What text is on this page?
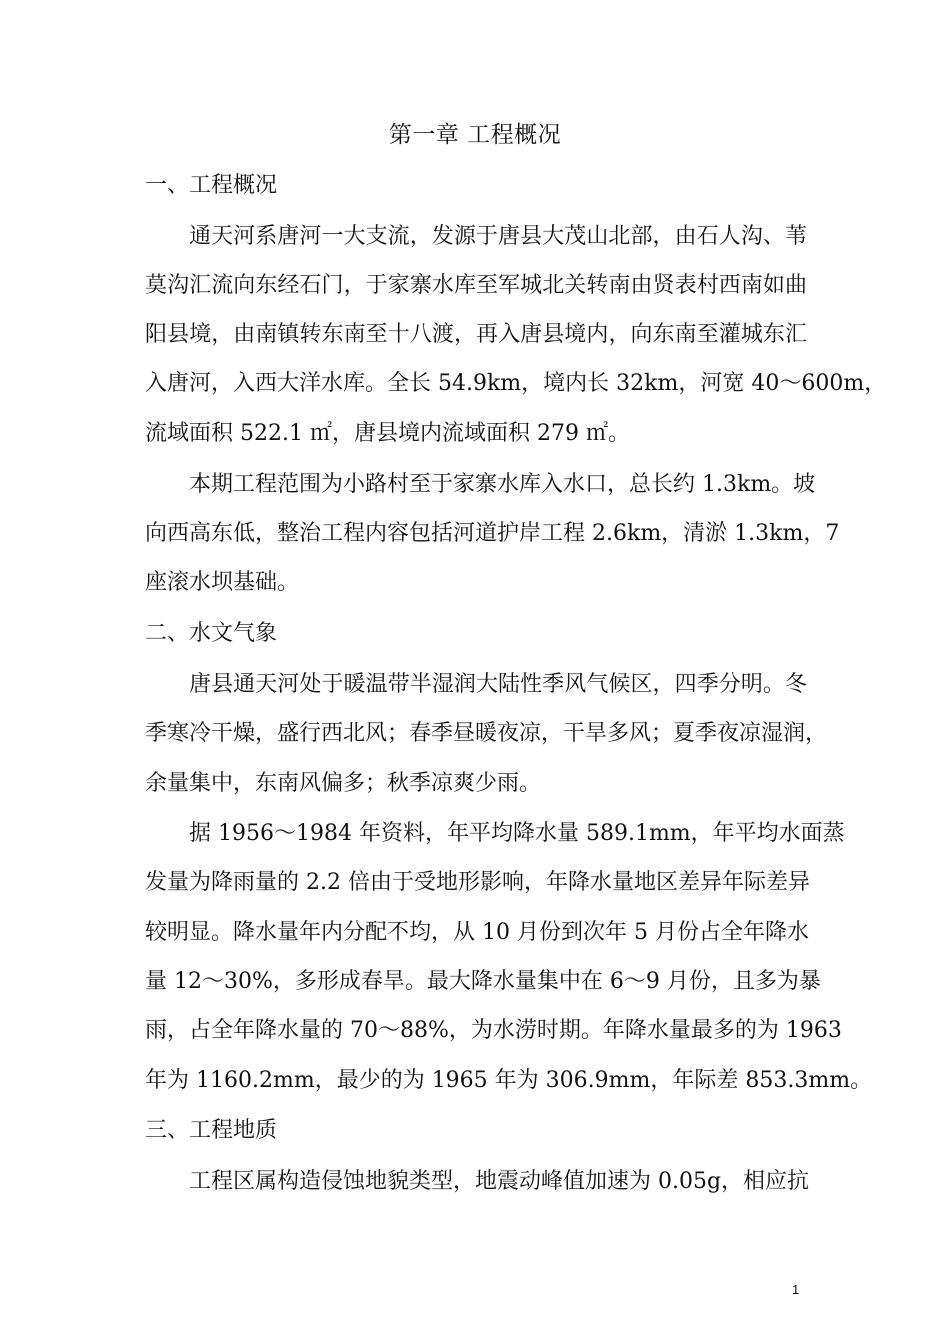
第一章 工程概况
一、工程概况
通天河系唐河一大支流，发源于唐县大茂山北部，由石人沟、苇
莫沟汇流向东经石门，于家寨水库至军城北关转南由贤表村西南如曲
阳县境，由南镇转东南至十八渡，再入唐县境内，向东南至灌城东汇
入唐河，入西大洋水库。全长 54.9km，境内长 32km，河宽 40～600m，
流域面积 522.1 ㎡，唐县境内流域面积 279 ㎡。
本期工程范围为小路村至于家寨水库入水口，总长约 1.3km。坡
向西高东低，整治工程内容包括河道护岸工程 2.6km，清淤 1.3km，7
座滚水坝基础。
二、水文气象
唐县通天河处于暖温带半湿润大陆性季风气候区，四季分明。冬
季寒冷干燥，盛行西北风；春季昼暖夜凉，干旱多风；夏季夜凉湿润，
余量集中，东南风偏多；秋季凉爽少雨。
据 1956～1984 年资料，年平均降水量 589.1mm，年平均水面蒸
发量为降雨量的 2.2 倍由于受地形影响，年降水量地区差异年际差异
较明显。降水量年内分配不均，从 10 月份到次年 5 月份占全年降水
量 12～30%，多形成春旱。最大降水量集中在 6～9 月份，且多为暴
雨，占全年降水量的 70～88%，为水涝时期。年降水量最多的为 1963
年为 1160.2mm，最少的为 1965 年为 306.9mm，年际差 853.3mm。
三、工程地质
工程区属构造侵蚀地貌类型，地震动峰值加速为 0.05g，相应抗
1
